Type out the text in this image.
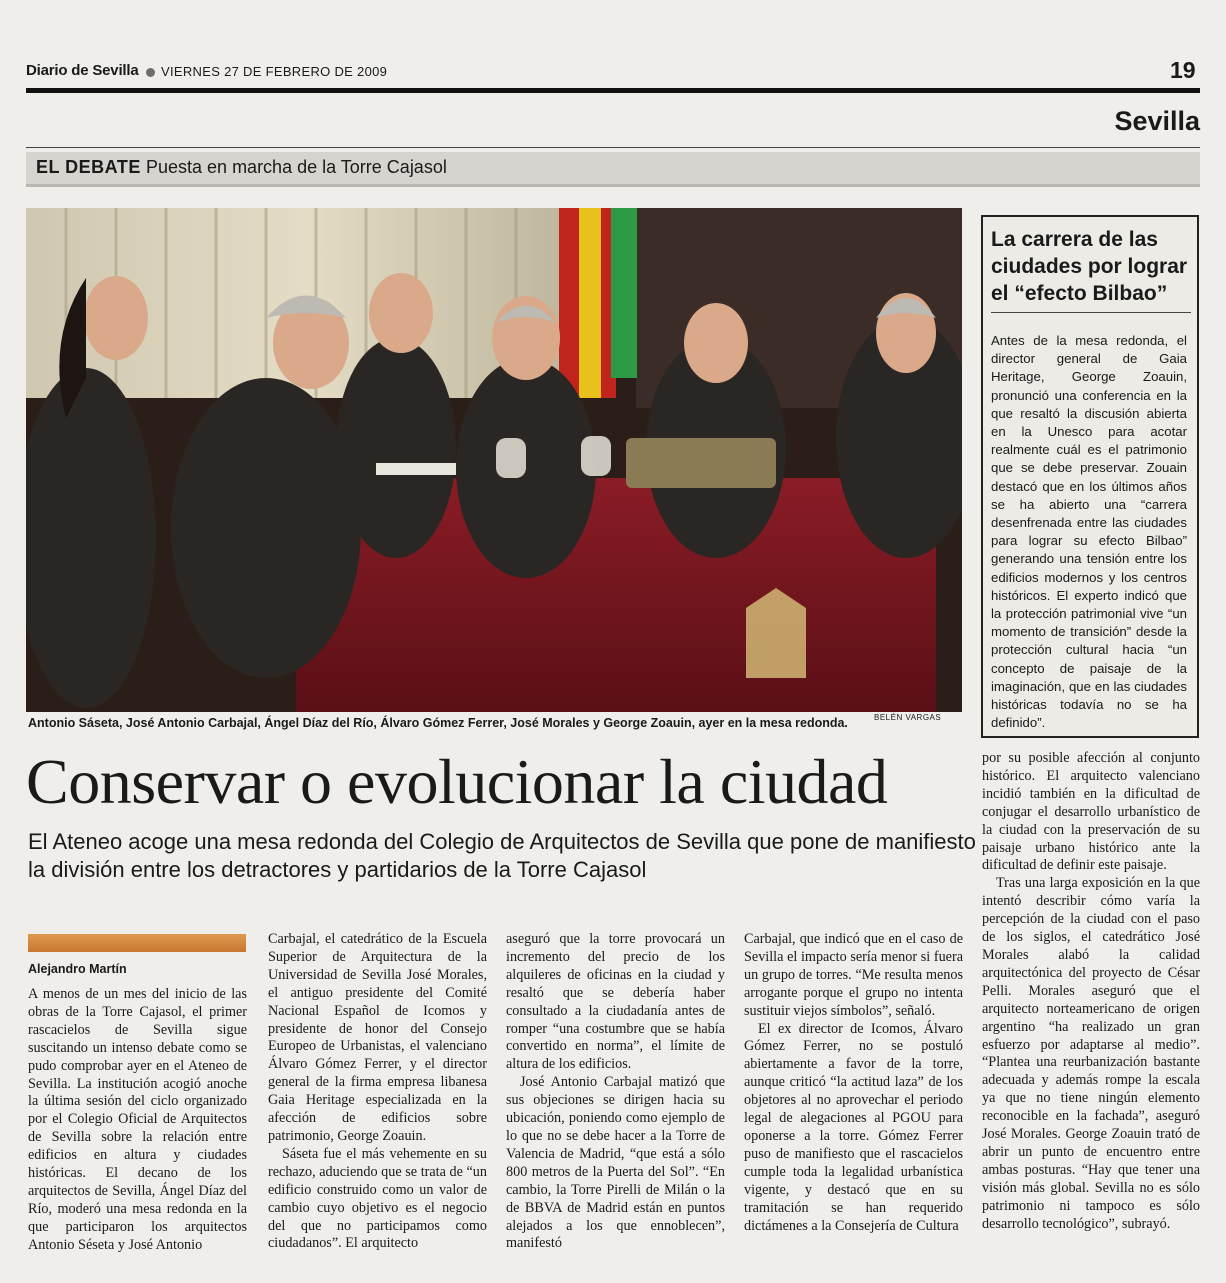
Diario de Sevilla VIERNES 27 DE FEBRERO DE 2009	19
Sevilla
EL DEBATE Puesta en marcha de la Torre Cajasol
BELÉN VARGAS
Antonio Sáseta, José Antonio Carbajal, Ángel Díaz del Río, Álvaro Gómez Ferrer, José Morales y George Zoauin, ayer en la mesa redonda.
La carrera de las ciudades por lograr el “efecto Bilbao”
Antes de la mesa redonda, el director general de Gaia Heritage, George Zoauin, pronunció una conferencia en la que resaltó la discusión abierta en la Unesco para acotar realmente cuál es el patrimonio que se debe preservar. Zouain destacó que en los últimos años se ha abierto una “carrera desenfrenada entre las ciudades para lograr su efecto Bilbao” generando una tensión entre los edificios modernos y los centros históricos. El experto indicó que la protección patrimonial vive “un momento de transición” desde la protección cultural hacia “un concepto de paisaje de la imaginación, que en las ciudades históricas todavía no se ha definido”.
Conservar o evolucionar la ciudad
El Ateneo acoge una mesa redonda del Colegio de Arquitectos de Sevilla que pone de manifiesto la división entre los detractores y partidarios de la Torre Cajasol
Alejandro Martín

A menos de un mes del inicio de las obras de la Torre Cajasol, el primer rascacielos de Sevilla sigue suscitando un intenso debate como se pudo comprobar ayer en el Ateneo de Sevilla. La institución acogió anoche la última sesión del ciclo organizado por el Colegio Oficial de Arquitectos de Sevilla sobre la relación entre edificios en altura y ciudades históricas. El decano de los arquitectos de Sevilla, Ángel Díaz del Río, moderó una mesa redonda en la que participaron los arquitectos Antonio Séseta y José Antonio

Carbajal, el catedrático de la Escuela Superior de Arquitectura de la Universidad de Sevilla José Morales, el antiguo presidente del Comité Nacional Español de Icomos y presidente de honor del Consejo Europeo de Urbanistas, el valenciano Álvaro Gómez Ferrer, y el director general de la firma empresa libanesa Gaia Heritage especializada en la afección de edificios sobre patrimonio, George Zoauin.

Sáseta fue el más vehemente en su rechazo, aduciendo que se trata de “un edificio construido como un valor de cambio cuyo objetivo es el negocio del que no participamos como ciudadanos”. El arquitecto

aseguró que la torre provocará un incremento del precio de los alquileres de oficinas en la ciudad y resaltó que se debería haber consultado a la ciudadanía antes de romper “una costumbre que se había convertido en norma”, el límite de altura de los edificios.

José Antonio Carbajal matizó que sus objeciones se dirigen hacia su ubicación, poniendo como ejemplo de lo que no se debe hacer a la Torre de Valencia de Madrid, “que está a sólo 800 metros de la Puerta del Sol”. “En cambio, la Torre Pirelli de Milán o la de BBVA de Madrid están en puntos alejados a los que ennoblecen”, manifestó

Carbajal, que indicó que en el caso de Sevilla el impacto sería menor si fuera un grupo de torres. “Me resulta menos arrogante porque el grupo no intenta sustituir viejos símbolos”, señaló.

El ex director de Icomos, Álvaro Gómez Ferrer, no se postuló abiertamente a favor de la torre, aunque criticó “la actitud laza” de los objetores al no aprovechar el periodo legal de alegaciones al PGOU para oponerse a la torre. Gómez Ferrer puso de manifiesto que el rascacielos cumple toda la legalidad urbanística vigente, y destacó que en su tramitación se han requerido dictámenes a la Consejería de Cultura

por su posible afección al conjunto histórico. El arquitecto valenciano incidió también en la dificultad de conjugar el desarrollo urbanístico de la ciudad con la preservación de su paisaje urbano histórico ante la dificultad de definir este paisaje.

Tras una larga exposición en la que intentó describir cómo varía la percepción de la ciudad con el paso de los siglos, el catedrático José Morales alabó la calidad arquitectónica del proyecto de César Pelli. Morales aseguró que el arquitecto norteamericano de origen argentino “ha realizado un gran esfuerzo por adaptarse al medio”. “Plantea una reurbanización bastante adecuada y además rompe la escala ya que no tiene ningún elemento reconocible en la fachada”, aseguró José Morales. George Zoauin trató de abrir un punto de encuentro entre ambas posturas. “Hay que tener una visión más global. Sevilla no es sólo patrimonio ni tampoco es sólo desarrollo tecnológico”, subrayó.
